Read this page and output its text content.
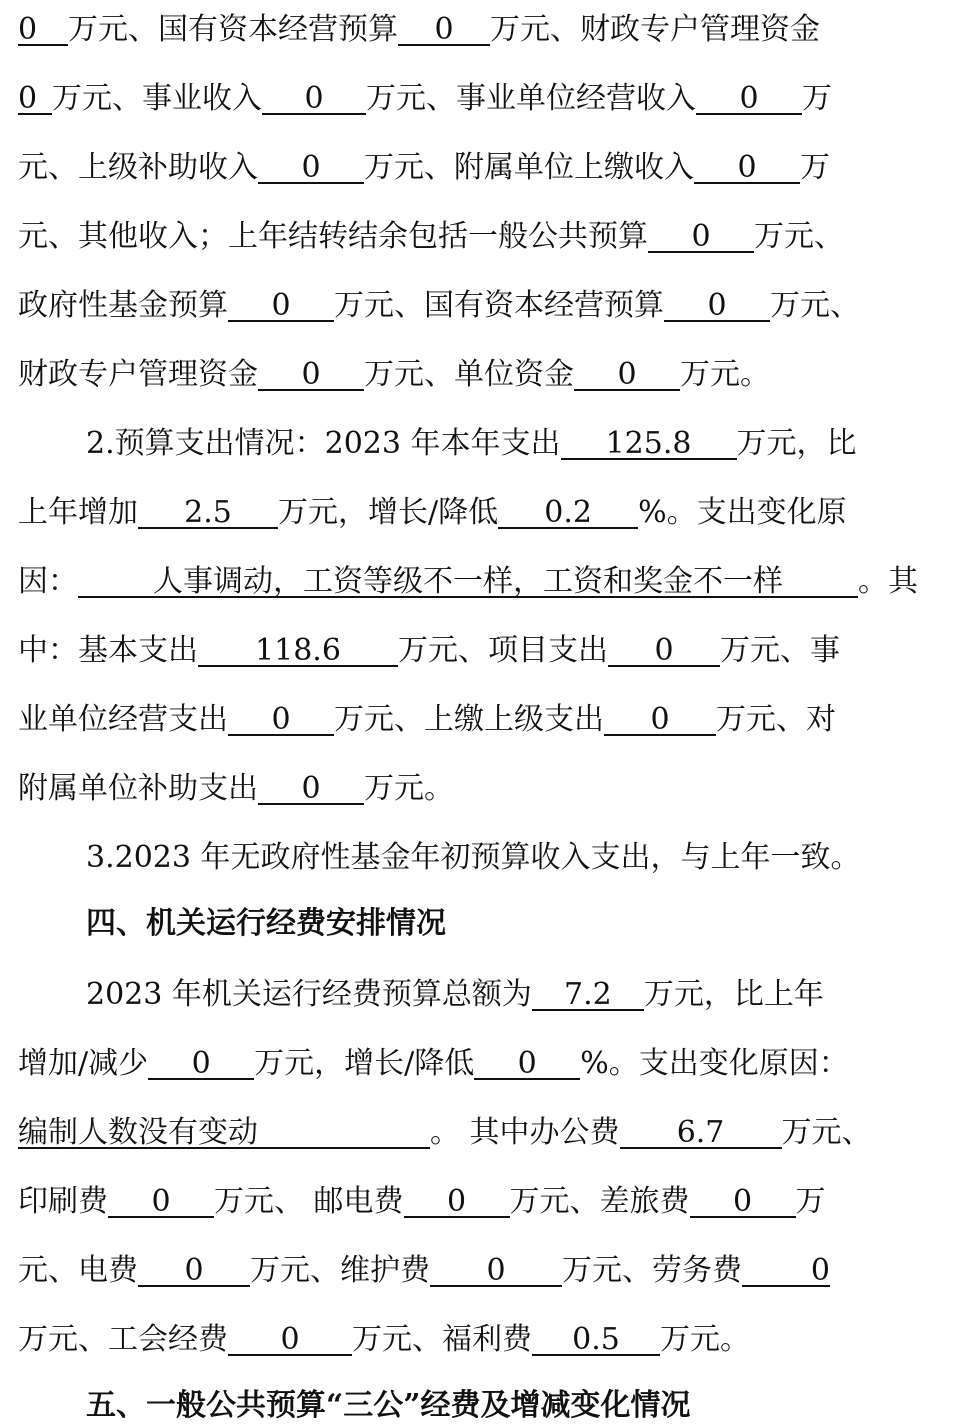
0 万元、国有资本经营预算 0 万元、财政专户管理资金
0 万元、事业收入 0 万元、事业单位经营收入 0 万
元、上级补助收入 0 万元、附属单位上缴收入 0 万
元、其他收入；上年结转结余包括一般公共预算 0 万元、
政府性基金预算 0 万元、国有资本经营预算 0 万元、
财政专户管理资金 0 万元、单位资金 0 万元。
2.预算支出情况：2023 年本年支出 125.8 万元，比
上年增加 2.5 万元，增长/降低 0.2 %。支出变化原
因：	人事调动，工资等级不一样，工资和奖金不一样	。其
中：基本支出 118.6 万元、项目支出 0 万元、事
业单位经营支出 0 万元、上缴上级支出 0 万元、对
附属单位补助支出 0 万元。
3.2023 年无政府性基金年初预算收入支出，与上年一致。
四、机关运行经费安排情况
2023 年机关运行经费预算总额为 7.2 万元，比上年
增加/减少 0 万元，增长/降低 0 %。支出变化原因：
编制人数没有变动	。 其中办公费 6.7 万元、
印刷费 0 万元、 邮电费 0 万元、差旅费 0 万
元、电费 0 万元、维护费 0 万元、劳务费 0
万元、工会经费 0 万元、福利费 0.5 万元。
五、一般公共预算“三公”经费及增减变化情况
